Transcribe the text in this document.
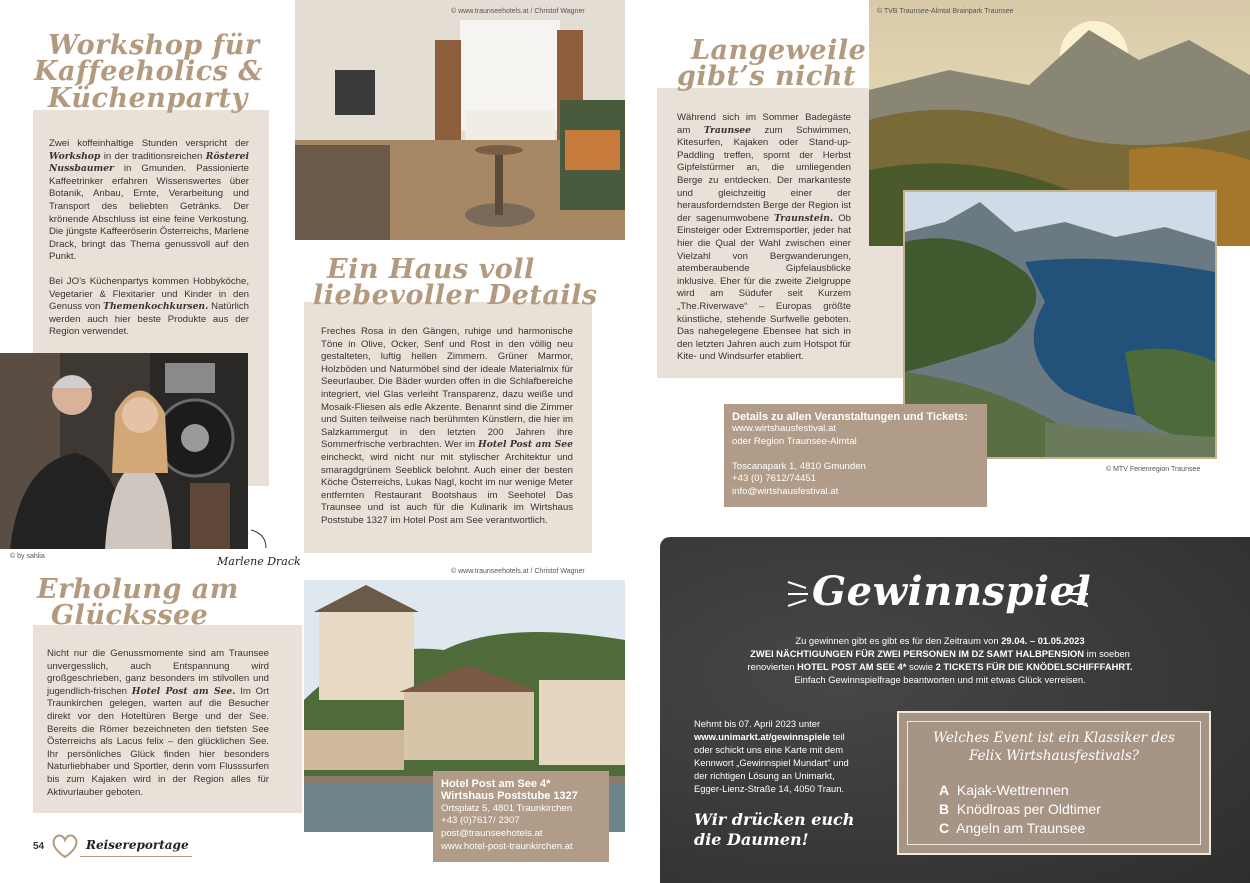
Workshop für
Kaffeeholics &
Küchenparty

Zwei koffeinhaltige Stunden verspricht der Workshop in der traditionsreichen Rösterei Nussbaumer in Gmunden. Passionierte Kaffeetrinker erfahren Wissenswertes über Botanik, Anbau, Ernte, Verarbeitung und Transport des beliebten Getränks. Der krönende Abschluss ist eine feine Verkostung. Die jüngste Kaffeeröserin Österreichs, Marlene Drack, bringt das Thema genussvoll auf den Punkt.

Bei JO’s Küchenpartys kommen Hobbyköche, Vegetarier & Flexitarier und Kinder in den Genuss von Themenkochkursen. Natürlich werden auch hier beste Produkte aus der Region verwendet.

© by sahlia	Marlene Drack
© www.traunseehotels.at / Christof Wagner
Ein Haus voll
liebevoller Details

Freches Rosa in den Gängen, ruhige und harmonische Töne in Olive, Ocker, Senf und Rost in den völlig neu gestalteten, luftig hellen Zimmern. Grüner Marmor, Holzböden und Naturmöbel sind der ideale Materialmix für Seeurlauber. Die Bäder wurden offen in die Schlafbereiche integriert, viel Glas verleiht Transparenz, dazu weiße und Mosaik-Fliesen als edle Akzente. Benannt sind die Zimmer und Suiten teilweise nach berühmten Künstlern, die hier im Salzkammergut in den letzten 200 Jahren ihre Sommerfrische verbrachten. Wer im Hotel Post am See eincheckt, wird nicht nur mit stylischer Architektur und smaragdgrünem Seeblick belohnt. Auch einer der besten Köche Österreichs, Lukas Nagl, kocht im nur wenige Meter entfernten Restaurant Bootshaus im Seehotel Das Traunsee und ist auch für die Kulinarik im Wirtshaus Poststube 1327 im Hotel Post am See verantwortlich.

Erholung am
Glückssee

Nicht nur die Genussmomente sind am Traunsee unvergesslich, auch Entspannung wird großgeschrieben, ganz besonders im stilvollen und jugendlich-frischen Hotel Post am See. Im Ort Traunkirchen gelegen, warten auf die Besucher direkt vor den Hoteltüren Berge und der See. Bereits die Römer bezeichneten den tiefsten See Österreichs als Lacus felix – den glücklichen See. Ihr persönliches Glück finden hier besonders Naturliebhaber und Sportler, denn vom Flusssurfen bis zum Kajaken wird in der Region alles für Aktivurlauber geboten.

© www.traunseehotels.at / Christof Wagner
Hotel Post am See 4*
Wirtshaus Poststube 1327
Ortsplatz 5, 4801 Traunkirchen
+43 (0)7617/ 2307
post@traunseehotels.at
www.hotel-post-traunkirchen.at
54	Reisereportage
Langeweile
gibt’s nicht

Während sich im Sommer Badegäste am Traunsee zum Schwimmen, Kitesurfen, Kajaken oder Stand-up-Paddling treffen, spornt der Herbst Gipfelstürmer an, die umliegenden Berge zu entdecken. Der markanteste und gleichzeitig einer der herausforderndsten Berge der Region ist der sagenumwobene Traunstein. Ob Einsteiger oder Extremsportler, jeder hat hier die Qual der Wahl zwischen einer Vielzahl von Bergwanderungen, atemberaubende Gipfelausblicke inklusive. Eher für die zweite Zielgruppe wird am Südufer seit Kurzem „The.Riverwave“ – Europas größte künstliche, stehende Surfwelle geboten. Das nahegelegene Ebensee hat sich in den letzten Jahren auch zum Hotspot für Kite- und Windsurfer etabliert.

© TVB Traunsee-Almtal Brainpark Traunsee
© MTV Ferienregion Traunsee
Details zu allen Veranstaltungen und Tickets:
www.wirtshausfestival.at
oder Region Traunsee-Almtal
Toscanapark 1, 4810 Gmunden
+43 (0) 7612/74451
info@wirtshausfestival.at
Gewinnspiel
Zu gewinnen gibt es gibt es für den Zeitraum von 29.04. – 01.05.2023
ZWEI NÄCHTIGUNGEN FÜR ZWEI PERSONEN IM DZ SAMT HALBPENSION im soeben
renovierten HOTEL POST AM SEE 4* sowie 2 TICKETS FÜR DIE KNÖDELSCHIFFFAHRT.
Einfach Gewinnspielfrage beantworten und mit etwas Glück verreisen.
Nehmt bis 07. April 2023 unter
www.unimarkt.at/gewinnspiele teil
oder schickt uns eine Karte mit dem
Kennwort „Gewinnspiel Mundart“ und
der richtigen Lösung an Unimarkt,
Egger-Lienz-Straße 14, 4050 Traun.
Wir drücken euch
die Daumen!
Welches Event ist ein Klassiker des
Felix Wirtshausfestivals?
A Kajak-Wettrennen
B Knödlroas per Oldtimer
C Angeln am Traunsee
